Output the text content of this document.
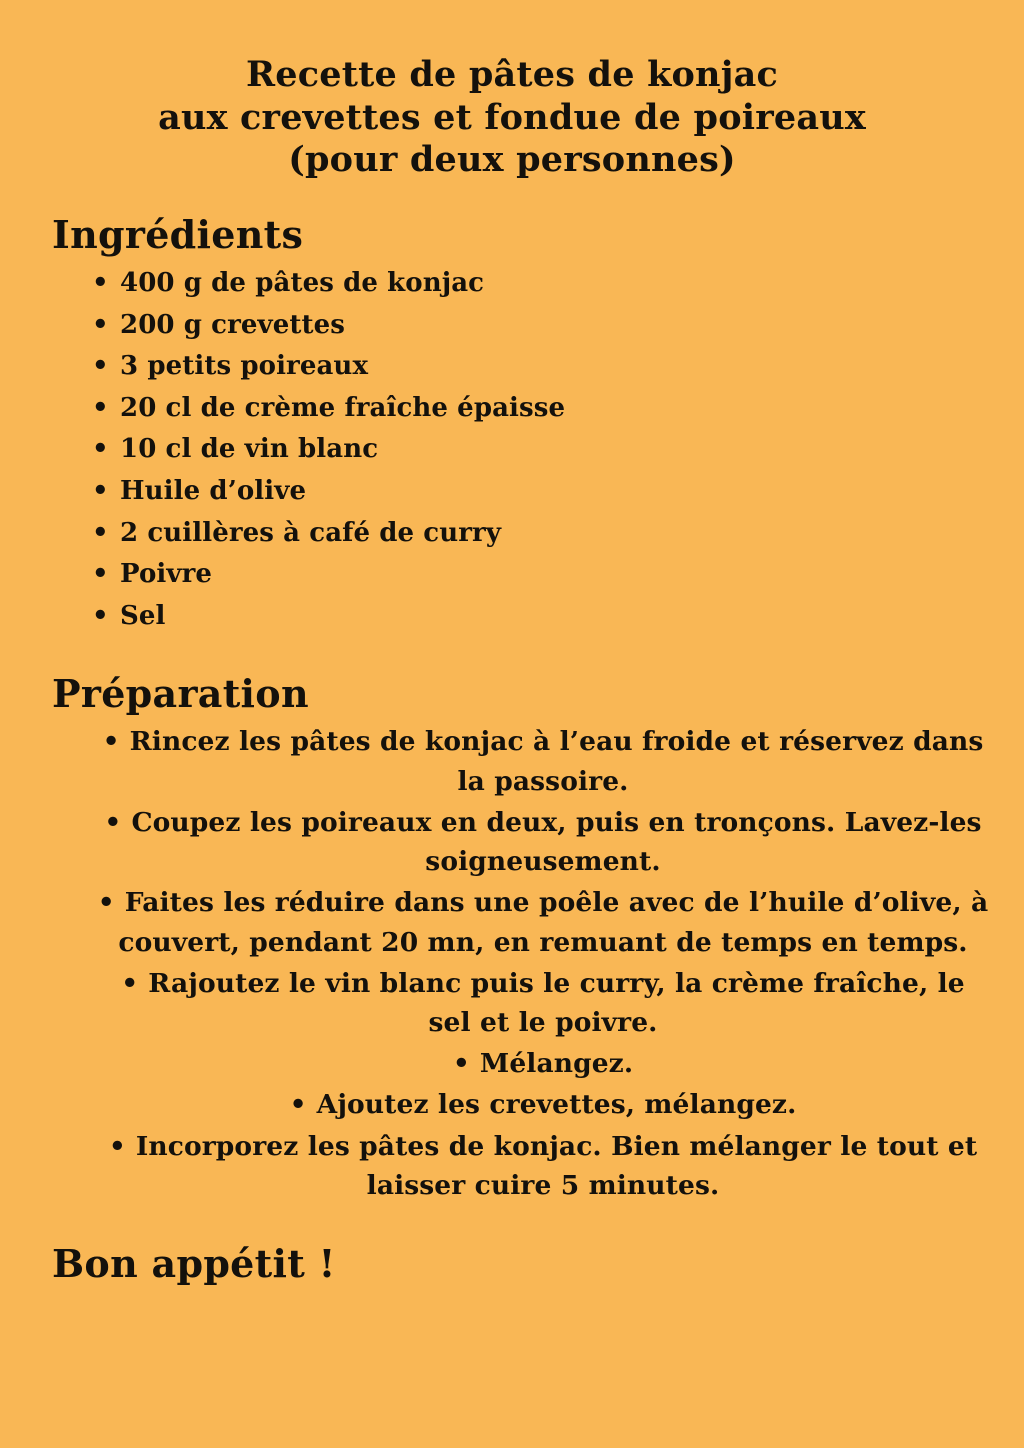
Recette de pâtes de konjac
aux crevettes et fondue de poireaux
(pour deux personnes)
Ingrédients
• 400 g de pâtes de konjac
• 200 g crevettes
• 3 petits poireaux
• 20 cl de crème fraîche épaisse
• 10 cl de vin blanc
• Huile d’olive
• 2 cuillères à café de curry
• Poivre
• Sel
Préparation
• Rincez les pâtes de konjac à l’eau froide et réservez dans la passoire.
• Coupez les poireaux en deux, puis en tronçons. Lavez-les soigneusement.
• Faites les réduire dans une poêle avec de l’huile d’olive, à couvert, pendant 20 mn, en remuant de temps en temps.
• Rajoutez le vin blanc puis le curry, la crème fraîche, le sel et le poivre.
• Mélangez.
• Ajoutez les crevettes, mélangez.
• Incorporez les pâtes de konjac. Bien mélanger le tout et laisser cuire 5 minutes.
Bon appétit !
